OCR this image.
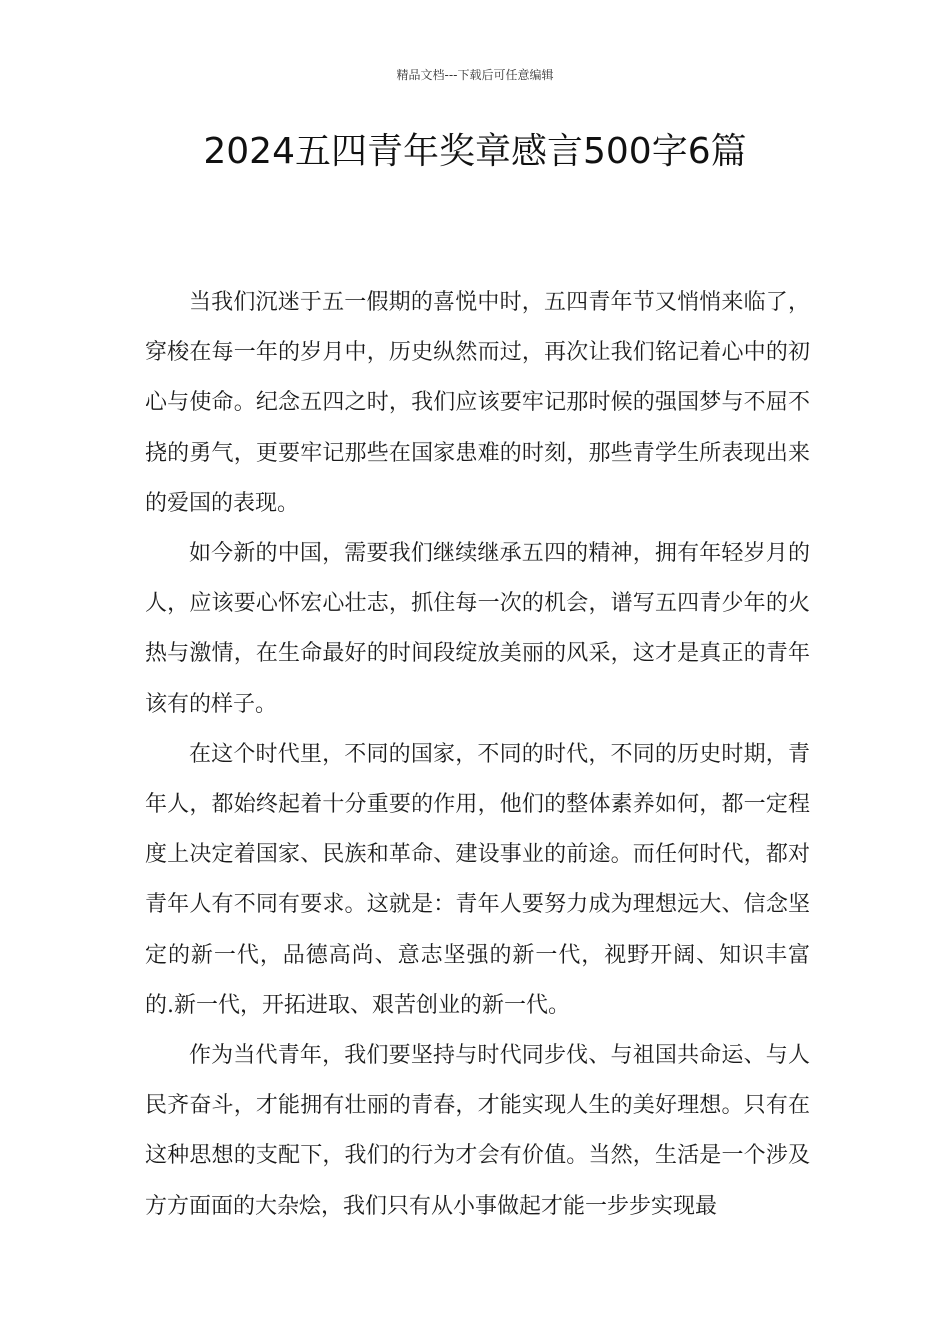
精品文档---下载后可任意编辑
2024五四青年奖章感言500字6篇

当我们沉迷于五一假期的喜悦中时，五四青年节又悄悄来临了，穿梭在每一年的岁月中，历史纵然而过，再次让我们铭记着心中的初心与使命。纪念五四之时，我们应该要牢记那时候的强国梦与不屈不挠的勇气，更要牢记那些在国家患难的时刻，那些青学生所表现出来的爱国的表现。

如今新的中国，需要我们继续继承五四的精神，拥有年轻岁月的人，应该要心怀宏心壮志，抓住每一次的机会，谱写五四青少年的火热与激情，在生命最好的时间段绽放美丽的风采，这才是真正的青年该有的样子。

在这个时代里，不同的国家，不同的时代，不同的历史时期，青年人，都始终起着十分重要的作用，他们的整体素养如何，都一定程度上决定着国家、民族和革命、建设事业的前途。而任何时代，都对青年人有不同有要求。这就是：青年人要努力成为理想远大、信念坚定的新一代，品德高尚、意志坚强的新一代，视野开阔、知识丰富的.新一代，开拓进取、艰苦创业的新一代。

作为当代青年，我们要坚持与时代同步伐、与祖国共命运、与人民齐奋斗，才能拥有壮丽的青春，才能实现人生的美好理想。只有在这种思想的支配下，我们的行为才会有价值。当然，生活是一个涉及方方面面的大杂烩，我们只有从小事做起才能一步步实现最
